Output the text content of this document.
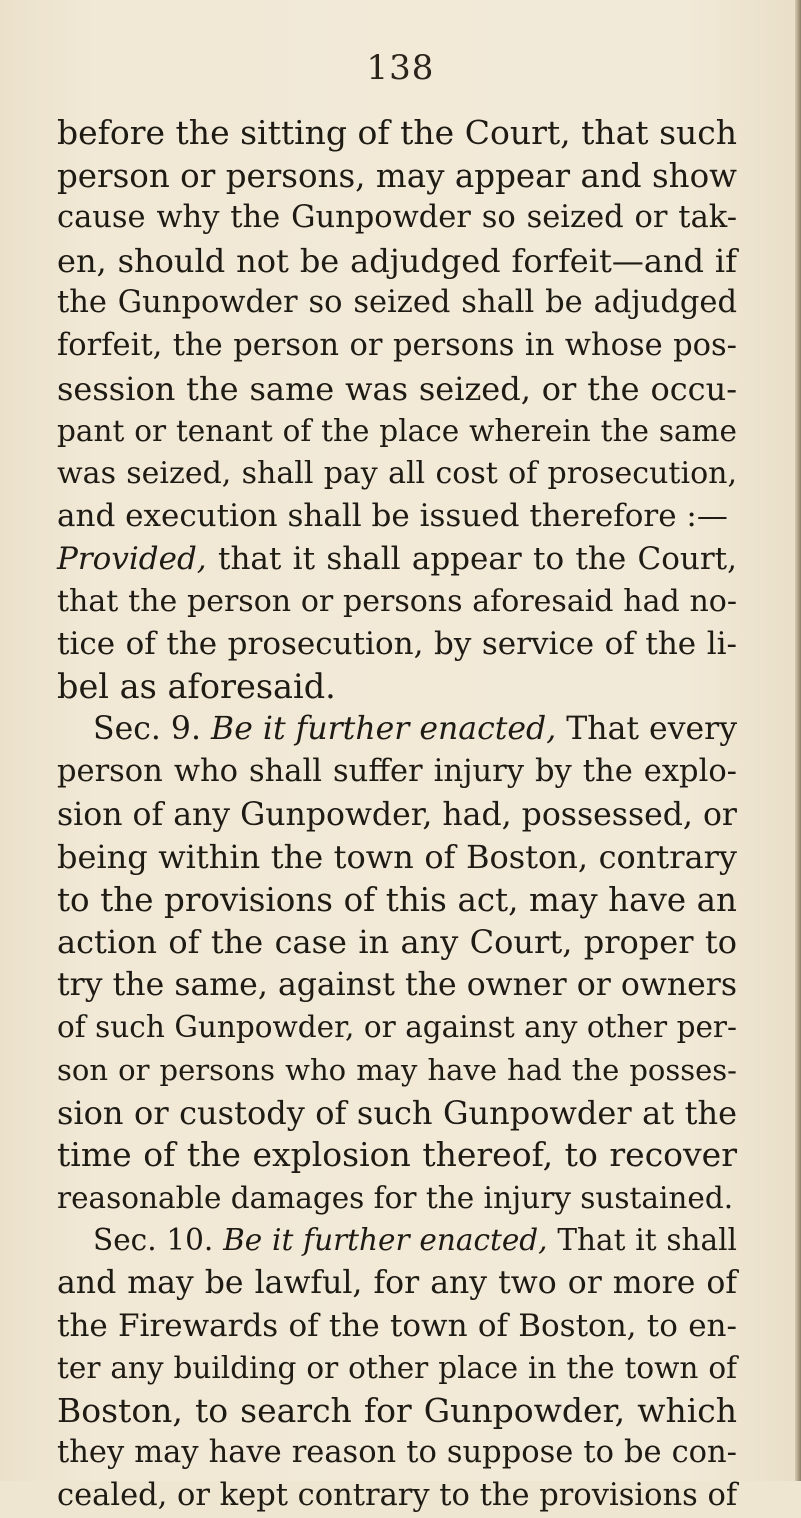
138
before the sitting of the Court, that such
person or persons, may appear and show
cause why the Gunpowder so seized or tak-
en, should not be adjudged forfeit—and if
the Gunpowder so seized shall be adjudged
forfeit, the person or persons in whose pos-
session the same was seized, or the occu-
pant or tenant of the place wherein the same
was seized, shall pay all cost of prosecution,
and execution shall be issued therefore :—
Provided, that it shall appear to the Court,
that the person or persons aforesaid had no-
tice of the prosecution, by service of the li-
bel as aforesaid.
Sec. 9. Be it further enacted, That every
person who shall suffer injury by the explo-
sion of any Gunpowder, had, possessed, or
being within the town of Boston, contrary
to the provisions of this act, may have an
action of the case in any Court, proper to
try the same, against the owner or owners
of such Gunpowder, or against any other per-
son or persons who may have had the posses-
sion or custody of such Gunpowder at the
time of the explosion thereof, to recover
reasonable damages for the injury sustained.
Sec. 10. Be it further enacted, That it shall
and may be lawful, for any two or more of
the Firewards of the town of Boston, to en-
ter any building or other place in the town of
Boston, to search for Gunpowder, which
they may have reason to suppose to be con-
cealed, or kept contrary to the provisions of
